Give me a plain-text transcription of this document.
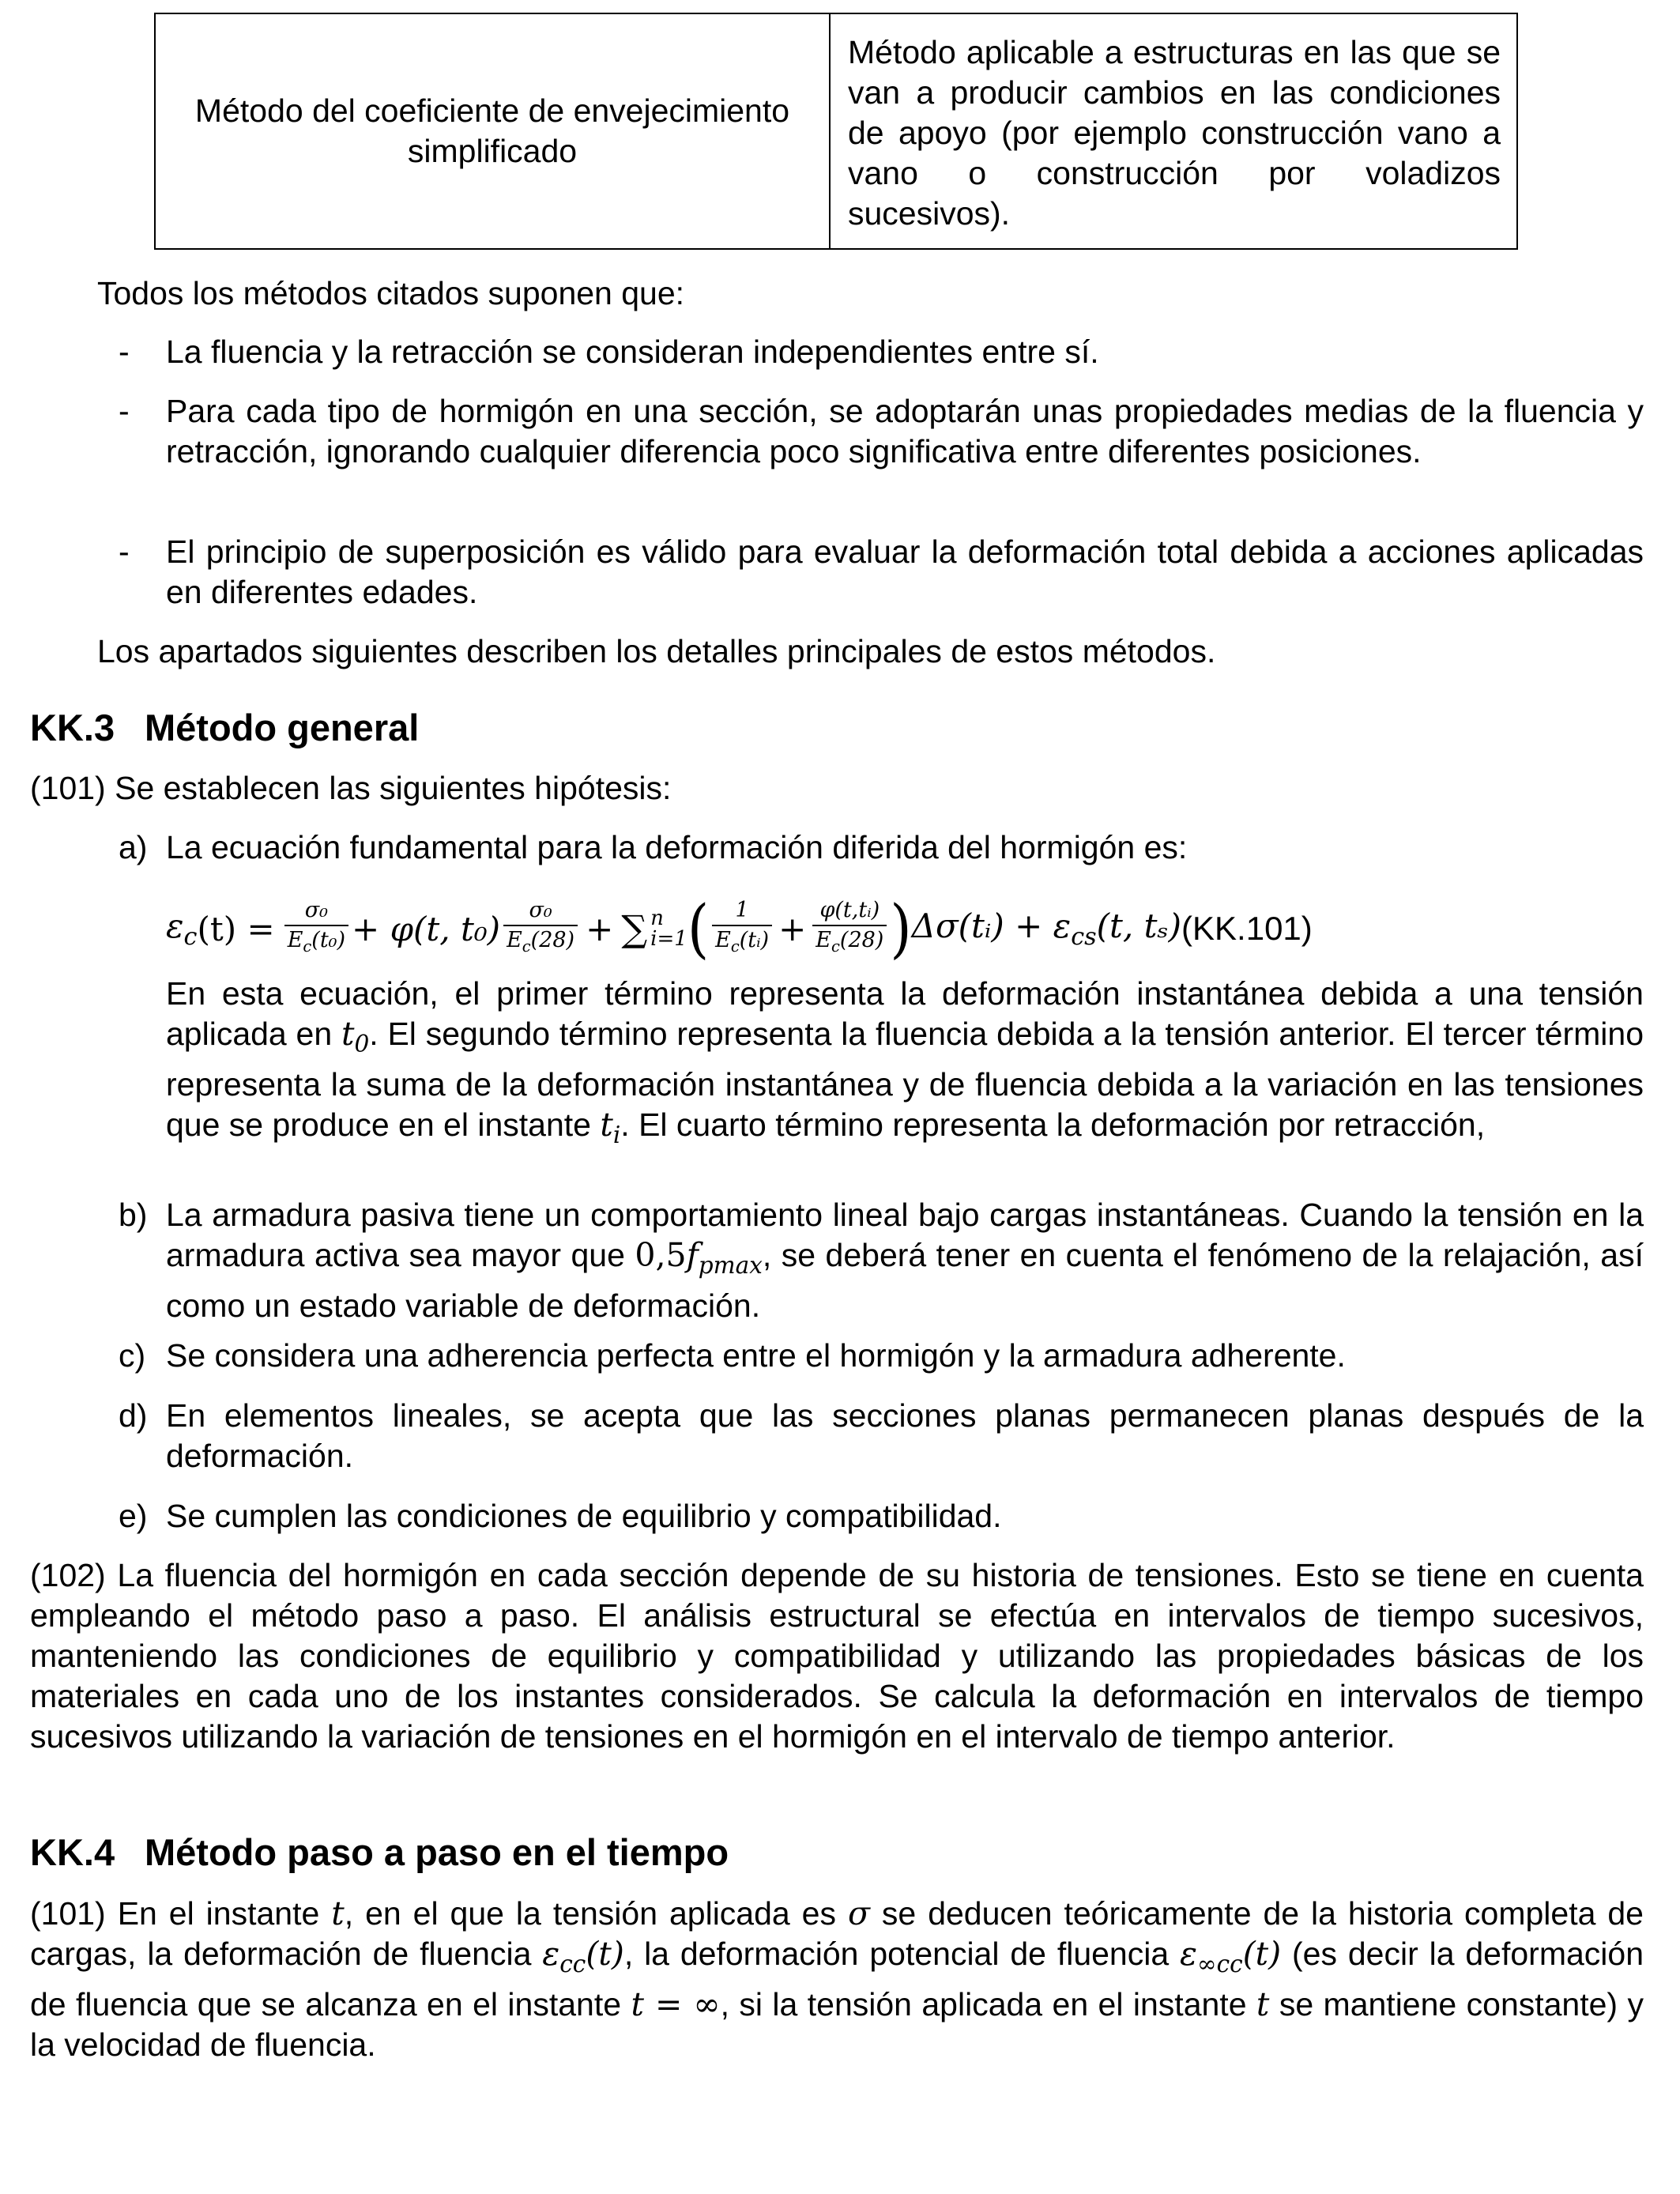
Método del coeficiente de envejecimiento simplificado	Método aplicable a estructuras en las que se van a producir cambios en las condiciones de apoyo (por ejemplo construcción vano a vano o construcción por voladizos sucesivos).

Todos los métodos citados suponen que:

-	La fluencia y la retracción se consideran independientes entre sí.
-	Para cada tipo de hormigón en una sección, se adoptarán unas propiedades medias de la fluencia y retracción, ignorando cualquier diferencia poco significativa entre diferentes posiciones.
-	El principio de superposición es válido para evaluar la deformación total debida a acciones aplicadas en diferentes edades.

Los apartados siguientes describen los detalles principales de estos métodos.

KK.3 Método general
(101) Se establecen las siguientes hipótesis:
a) La ecuación fundamental para la deformación diferida del hormigón es:
$\varepsilon_c$ $(t) = \frac{\text{σ₀}}{E_c(t_0)} + \varphi(t$, $t_0) \frac{\text{σ₀}}{E_c(28)}$ + ∑ n
i=1 ( $\frac{1}{E_c(tᵢ)} + \frac{\text{φ(t,tᵢ)}}{E_c(28)}$ ) Δσ(tᵢ) + $\varepsilon_{cs}(t$, tₛ) (KK.101)
En esta ecuación, el primer término representa la deformación instantánea debida a una tensión aplicada en $t_0$. El segundo término representa la fluencia debida a la tensión anterior. El tercer término representa la suma de la deformación instantánea y de fluencia debida a la variación en las tensiones que se produce en el instante $t_i$. El cuarto término representa la deformación por retracción,
b) La armadura pasiva tiene un comportamiento lineal bajo cargas instantáneas. Cuando la tensión en la armadura activa sea mayor que $0,5f_{pmax}$, se deberá tener en cuenta el fenómeno de la relajación, así como un estado variable de deformación.
c) Se considera una adherencia perfecta entre el hormigón y la armadura adherente.
d) En elementos lineales, se acepta que las secciones planas permanecen planas después de la deformación.
e) Se cumplen las condiciones de equilibrio y compatibilidad.
(102) La fluencia del hormigón en cada sección depende de su historia de tensiones. Esto se tiene en cuenta empleando el método paso a paso. El análisis estructural se efectúa en intervalos de tiempo sucesivos, manteniendo las condiciones de equilibrio y compatibilidad y utilizando las propiedades básicas de los materiales en cada uno de los instantes considerados. Se calcula la deformación en intervalos de tiempo sucesivos utilizando la variación de tensiones en el hormigón en el intervalo de tiempo anterior.
KK.4 Método paso a paso en el tiempo
(101) En el instante t, en el que la tensión aplicada es σ se deducen teóricamente de la historia completa de cargas, la deformación de fluencia $\varepsilon_{cc}(t)$, la deformación potencial de fluencia $\varepsilon_{\infty cc}(t)$ (es decir la deformación de fluencia que se alcanza en el instante t = ∞, si la tensión aplicada en el instante t se mantiene constante) y la velocidad de fluencia.
